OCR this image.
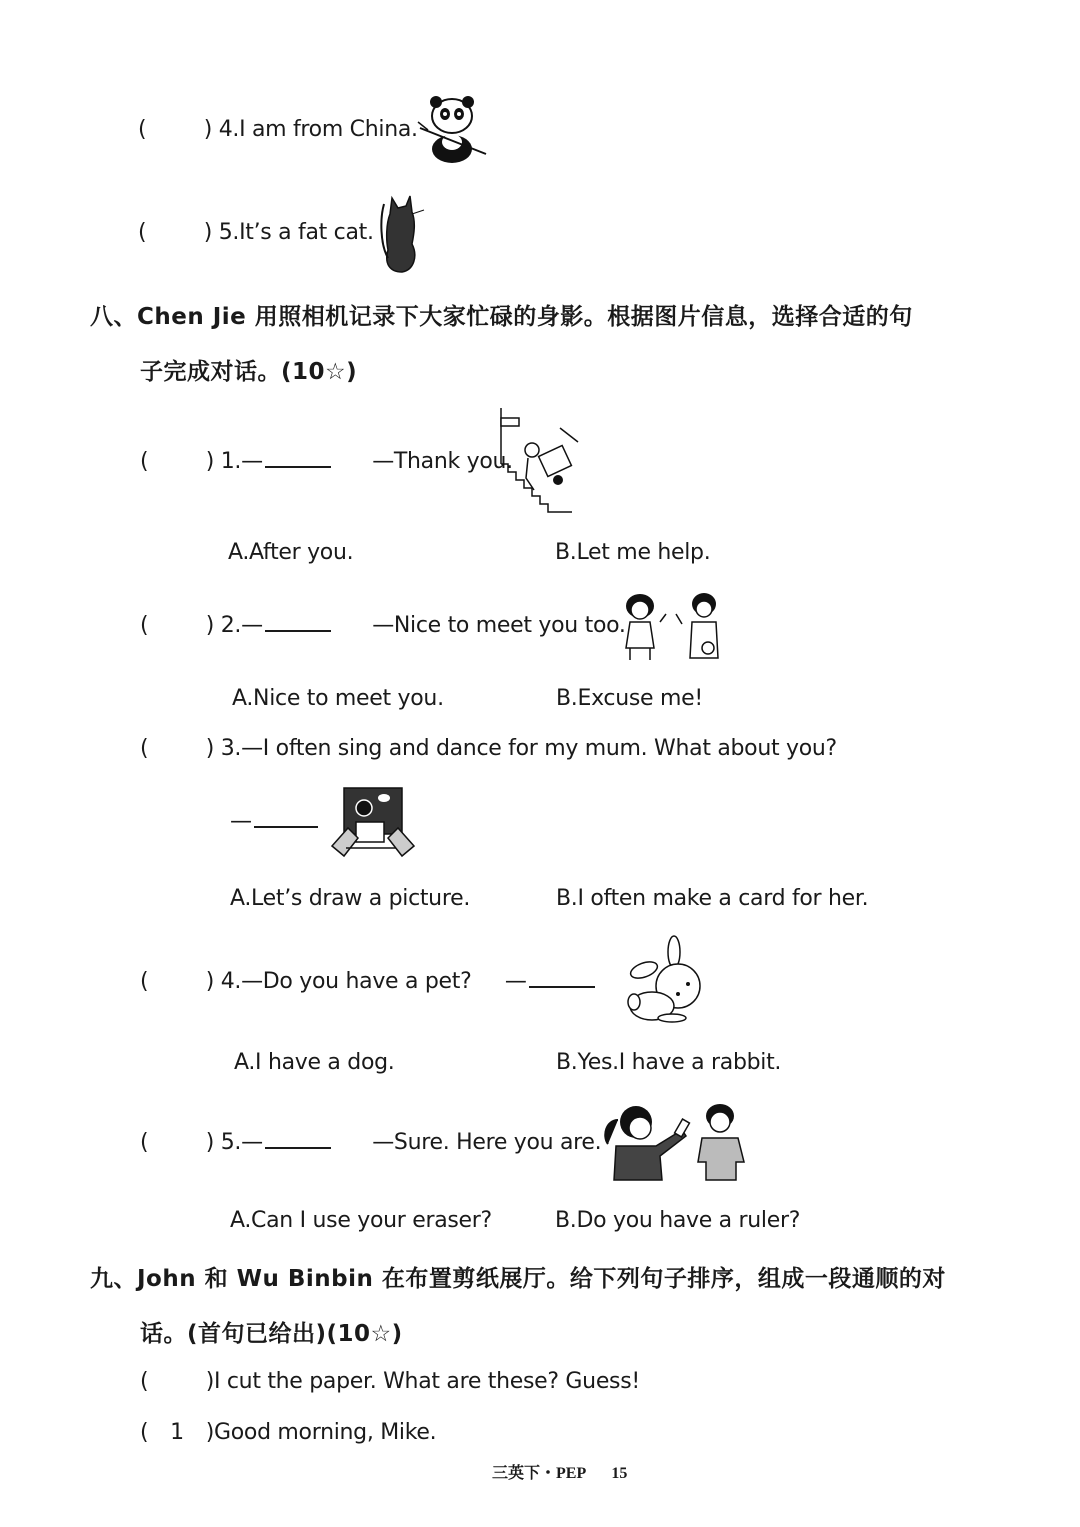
(	) 4.I am from China.
(	) 5.It’s a fat cat.
八、Chen Jie 用照相机记录下大家忙碌的身影。根据图片信息，选择合适的句
子完成对话。(10☆)
(	) 1.—	—Thank you.
A.After you.	B.Let me help.
(	) 2.—	—Nice to meet you too.
A.Nice to meet you.	B.Excuse me!
(	) 3.—I often sing and dance for my mum. What about you?
—
A.Let’s draw a picture.	B.I often make a card for her.
(	) 4.—Do you have a pet? —
A.I have a dog.	B.Yes.I have a rabbit.
(	) 5.—	—Sure. Here you are.
A.Can I use your eraser?	B.Do you have a ruler?
九、John 和 Wu Binbin 在布置剪纸展厅。给下列句子排序，组成一段通顺的对
话。(首句已给出)(10☆)
(	)I cut the paper. What are these? Guess!
( 1 )Good morning, Mike.
三英下・PEP 15
